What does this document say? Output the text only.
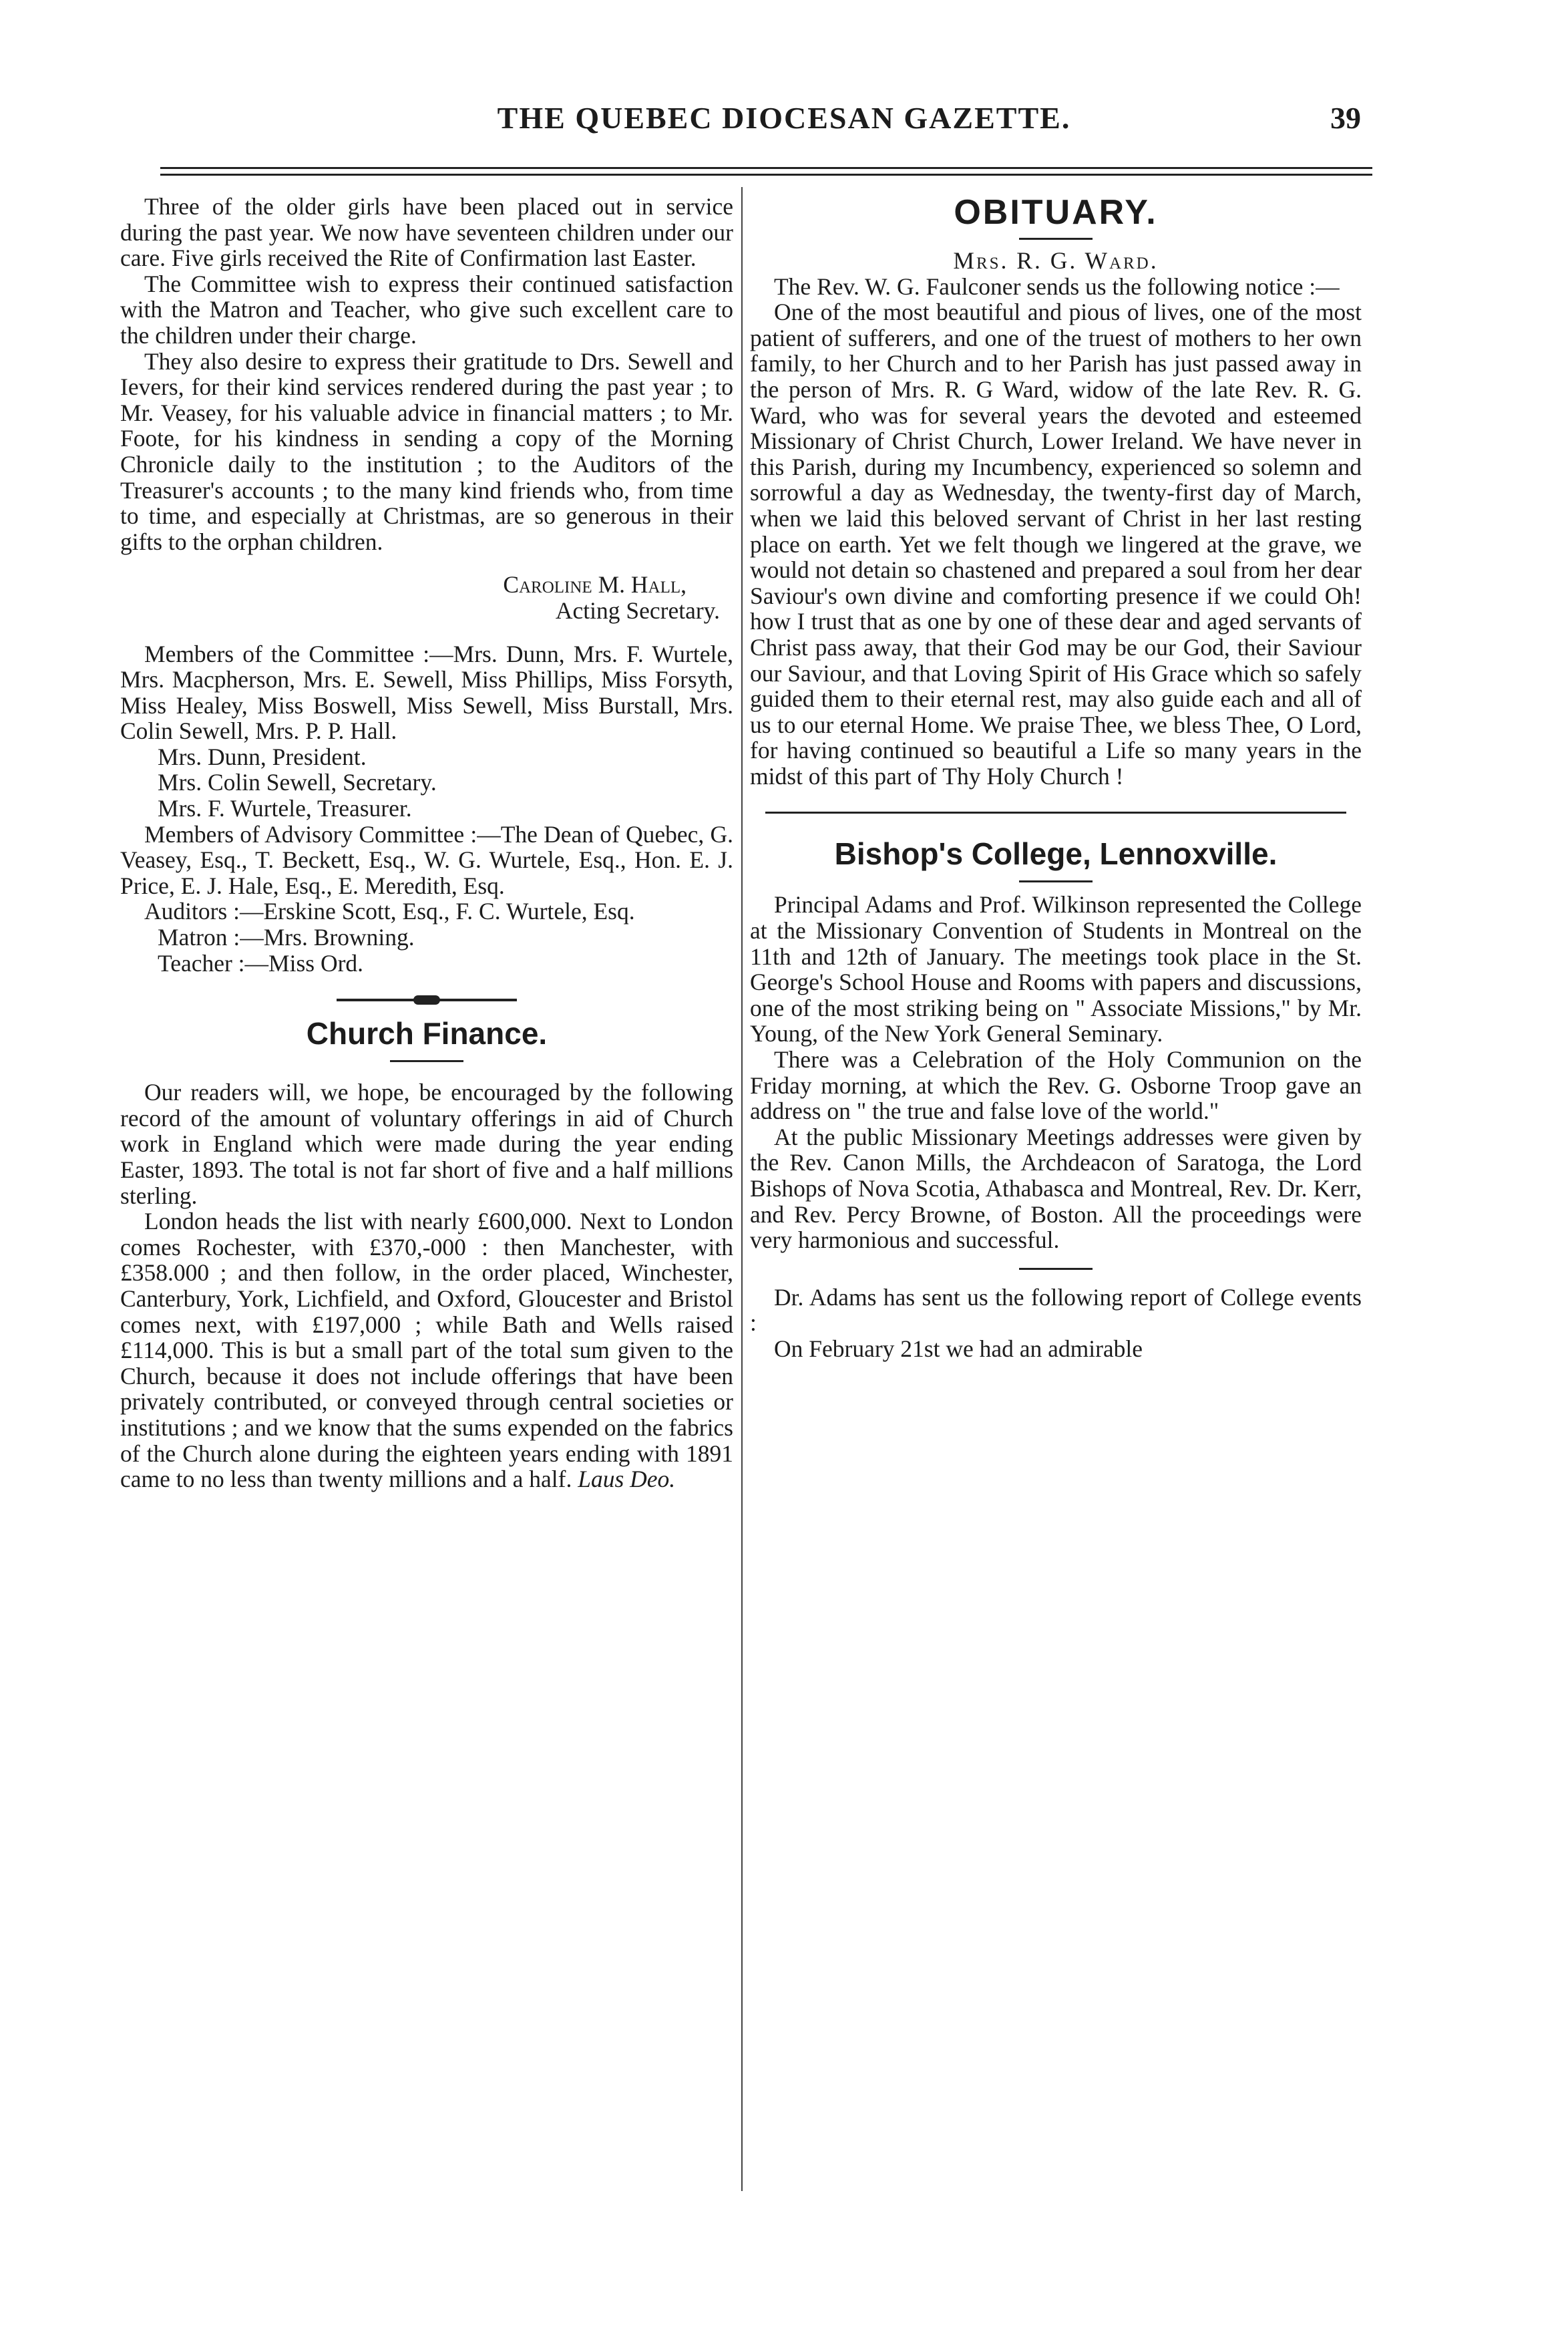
THE QUEBEC DIOCESAN GAZETTE.	39

Three of the older girls have been placed out in service during the past year. We now have seventeen children under our care. Five girls received the Rite of Confirmation last Easter.

The Committee wish to express their continued satisfaction with the Matron and Teacher, who give such excellent care to the children under their charge.

They also desire to express their gratitude to Drs. Sewell and Ievers, for their kind services rendered during the past year ; to Mr. Veasey, for his valuable advice in financial matters ; to Mr. Foote, for his kindness in sending a copy of the Morning Chronicle daily to the institution ; to the Auditors of the Treasurer's accounts ; to the many kind friends who, from time to time, and especially at Christmas, are so generous in their gifts to the orphan children.

Caroline M. Hall,

Acting Secretary.

Members of the Committee :—Mrs. Dunn, Mrs. F. Wurtele, Mrs. Macpherson, Mrs. E. Sewell, Miss Phillips, Miss Forsyth, Miss Healey, Miss Boswell, Miss Sewell, Miss Burstall, Mrs. Colin Sewell, Mrs. P. P. Hall.

Mrs. Dunn, President.

Mrs. Colin Sewell, Secretary.

Mrs. F. Wurtele, Treasurer.

Members of Advisory Committee :—The Dean of Quebec, G. Veasey, Esq., T. Beckett, Esq., W. G. Wurtele, Esq., Hon. E. J. Price, E. J. Hale, Esq., E. Meredith, Esq.

Auditors :—Erskine Scott, Esq., F. C. Wurtele, Esq.

Matron :—Mrs. Browning.

Teacher :—Miss Ord.

Church Finance.

Our readers will, we hope, be encouraged by the following record of the amount of voluntary offerings in aid of Church work in England which were made during the year ending Easter, 1893. The total is not far short of five and a half millions sterling.

London heads the list with nearly £600,000. Next to London comes Rochester, with £370,-000 : then Manchester, with £358.000 ; and then follow, in the order placed, Winchester, Canterbury, York, Lichfield, and Oxford, Gloucester and Bristol comes next, with £197,000 ; while Bath and Wells raised £114,000. This is but a small part of the total sum given to the Church, because it does not include offerings that have been privately contributed, or conveyed through central societies or institutions ; and we know that the sums expended on the fabrics of the Church alone during the eighteen years ending with 1891 came to no less than twenty millions and a half. Laus Deo.

OBITUARY.

Mrs. R. G. Ward.

The Rev. W. G. Faulconer sends us the following notice :—

One of the most beautiful and pious of lives, one of the most patient of sufferers, and one of the truest of mothers to her own family, to her Church and to her Parish has just passed away in the person of Mrs. R. G Ward, widow of the late Rev. R. G. Ward, who was for several years the devoted and esteemed Missionary of Christ Church, Lower Ireland. We have never in this Parish, during my Incumbency, experienced so solemn and sorrowful a day as Wednesday, the twenty-first day of March, when we laid this beloved servant of Christ in her last resting place on earth. Yet we felt though we lingered at the grave, we would not detain so chastened and prepared a soul from her dear Saviour's own divine and comforting presence if we could Oh! how I trust that as one by one of these dear and aged servants of Christ pass away, that their God may be our God, their Saviour our Saviour, and that Loving Spirit of His Grace which so safely guided them to their eternal rest, may also guide each and all of us to our eternal Home. We praise Thee, we bless Thee, O Lord, for having continued so beautiful a Life so many years in the midst of this part of Thy Holy Church !

Bishop's College, Lennoxville.

Principal Adams and Prof. Wilkinson represented the College at the Missionary Convention of Students in Montreal on the 11th and 12th of January. The meetings took place in the St. George's School House and Rooms with papers and discussions, one of the most striking being on " Associate Missions," by Mr. Young, of the New York General Seminary.

There was a Celebration of the Holy Communion on the Friday morning, at which the Rev. G. Osborne Troop gave an address on " the true and false love of the world."

At the public Missionary Meetings addresses were given by the Rev. Canon Mills, the Archdeacon of Saratoga, the Lord Bishops of Nova Scotia, Athabasca and Montreal, Rev. Dr. Kerr, and Rev. Percy Browne, of Boston. All the proceedings were very harmonious and successful.

Dr. Adams has sent us the following report of College events :

On February 21st we had an admirable
